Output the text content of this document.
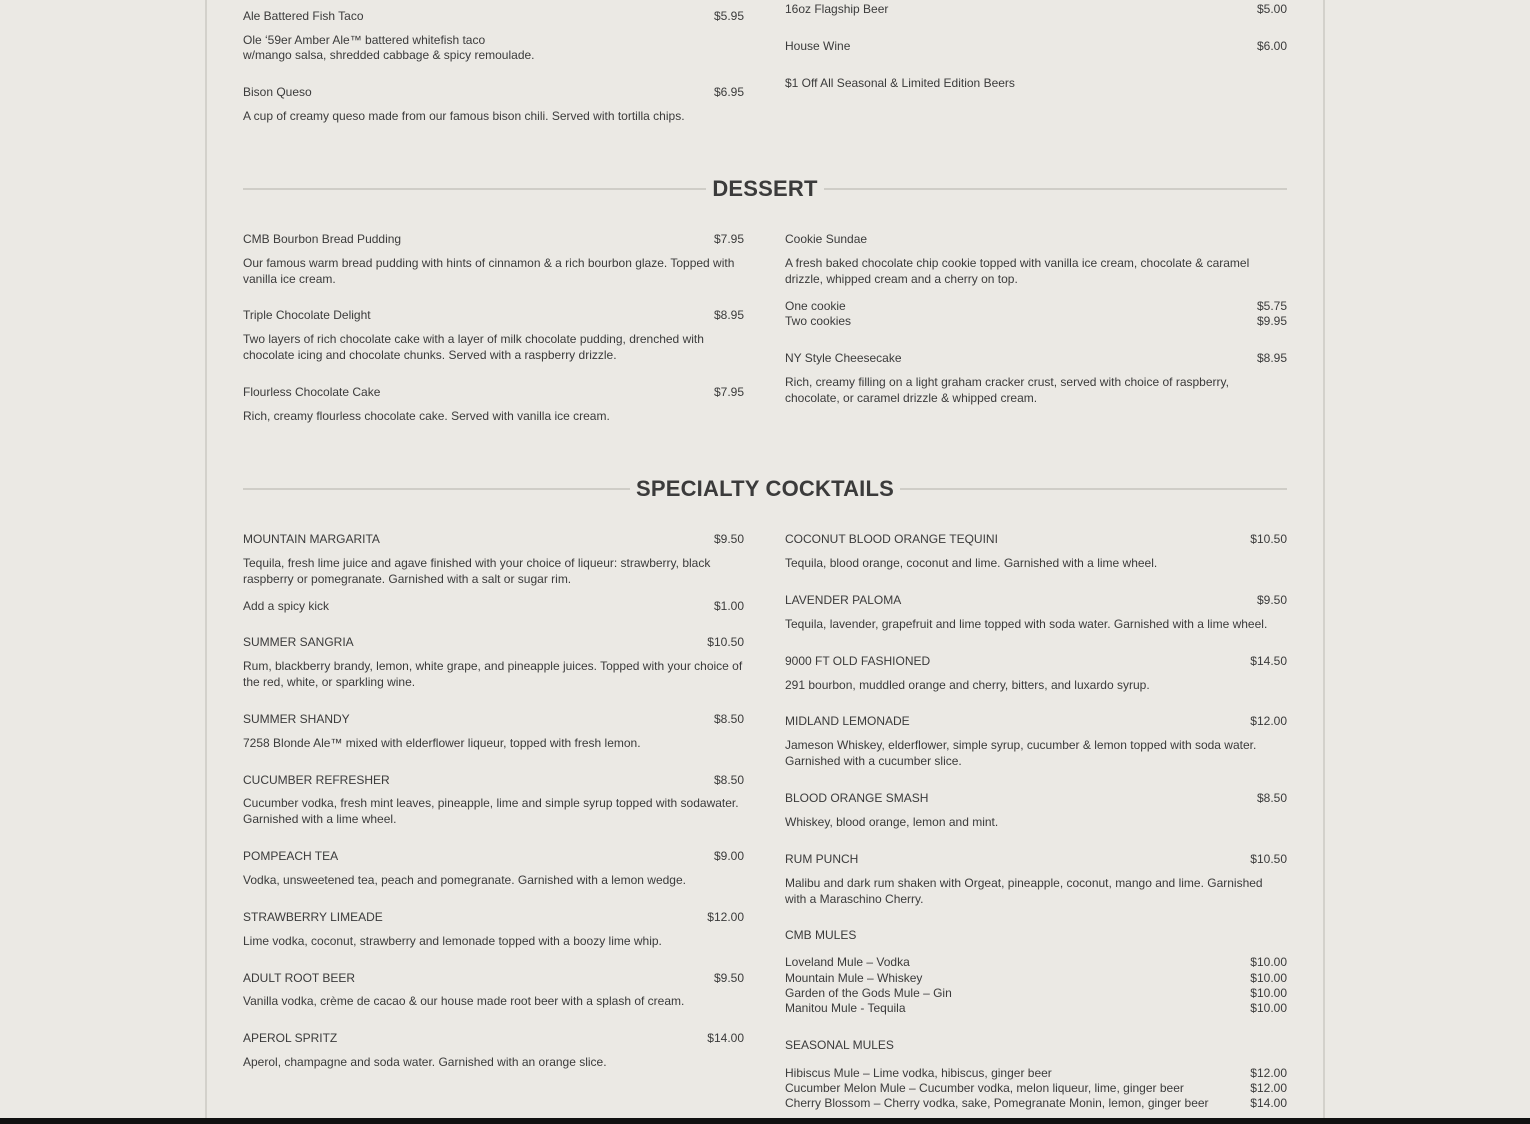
Ale Battered Fish Taco	$5.95
Ole ‘59er Amber Ale™ battered whitefish taco
w/mango salsa, shredded cabbage & spicy remoulade.
Bison Queso	$6.95
A cup of creamy queso made from our famous bison chili. Served with tortilla chips.
16oz Flagship Beer	$5.00
House Wine	$6.00
$1 Off All Seasonal & Limited Edition Beers
DESSERT
CMB Bourbon Bread Pudding	$7.95
Our famous warm bread pudding with hints of cinnamon & a rich bourbon glaze. Topped with vanilla ice cream.
Triple Chocolate Delight	$8.95
Two layers of rich chocolate cake with a layer of milk chocolate pudding, drenched with chocolate icing and chocolate chunks. Served with a raspberry drizzle.
Flourless Chocolate Cake	$7.95
Rich, creamy flourless chocolate cake. Served with vanilla ice cream.
Cookie Sundae
A fresh baked chocolate chip cookie topped with vanilla ice cream, chocolate & caramel drizzle, whipped cream and a cherry on top.
One cookie	$5.75
Two cookies	$9.95
NY Style Cheesecake	$8.95
Rich, creamy filling on a light graham cracker crust, served with choice of raspberry, chocolate, or caramel drizzle & whipped cream.
SPECIALTY COCKTAILS
MOUNTAIN MARGARITA	$9.50
Tequila, fresh lime juice and agave finished with your choice of liqueur: strawberry, black raspberry or pomegranate. Garnished with a salt or sugar rim.
Add a spicy kick	$1.00
SUMMER SANGRIA	$10.50
Rum, blackberry brandy, lemon, white grape, and pineapple juices. Topped with your choice of the red, white, or sparkling wine.
SUMMER SHANDY	$8.50
7258 Blonde Ale™ mixed with elderflower liqueur, topped with fresh lemon.
CUCUMBER REFRESHER	$8.50
Cucumber vodka, fresh mint leaves, pineapple, lime and simple syrup topped with sodawater. Garnished with a lime wheel.
POMPEACH TEA	$9.00
Vodka, unsweetened tea, peach and pomegranate. Garnished with a lemon wedge.
STRAWBERRY LIMEADE	$12.00
Lime vodka, coconut, strawberry and lemonade topped with a boozy lime whip.
ADULT ROOT BEER	$9.50
Vanilla vodka, crème de cacao & our house made root beer with a splash of cream.
APEROL SPRITZ	$14.00
Aperol, champagne and soda water. Garnished with an orange slice.
COCONUT BLOOD ORANGE TEQUINI	$10.50
Tequila, blood orange, coconut and lime. Garnished with a lime wheel.
LAVENDER PALOMA	$9.50
Tequila, lavender, grapefruit and lime topped with soda water. Garnished with a lime wheel.
9000 FT OLD FASHIONED	$14.50
291 bourbon, muddled orange and cherry, bitters, and luxardo syrup.
MIDLAND LEMONADE	$12.00
Jameson Whiskey, elderflower, simple syrup, cucumber & lemon topped with soda water. Garnished with a cucumber slice.
BLOOD ORANGE SMASH	$8.50
Whiskey, blood orange, lemon and mint.
RUM PUNCH	$10.50
Malibu and dark rum shaken with Orgeat, pineapple, coconut, mango and lime. Garnished with a Maraschino Cherry.
CMB MULES
Loveland Mule – Vodka	$10.00
Mountain Mule – Whiskey	$10.00
Garden of the Gods Mule – Gin	$10.00
Manitou Mule - Tequila	$10.00
SEASONAL MULES
Hibiscus Mule – Lime vodka, hibiscus, ginger beer	$12.00
Cucumber Melon Mule – Cucumber vodka, melon liqueur, lime, ginger beer	$12.00
Cherry Blossom – Cherry vodka, sake, Pomegranate Monin, lemon, ginger beer	$14.00
